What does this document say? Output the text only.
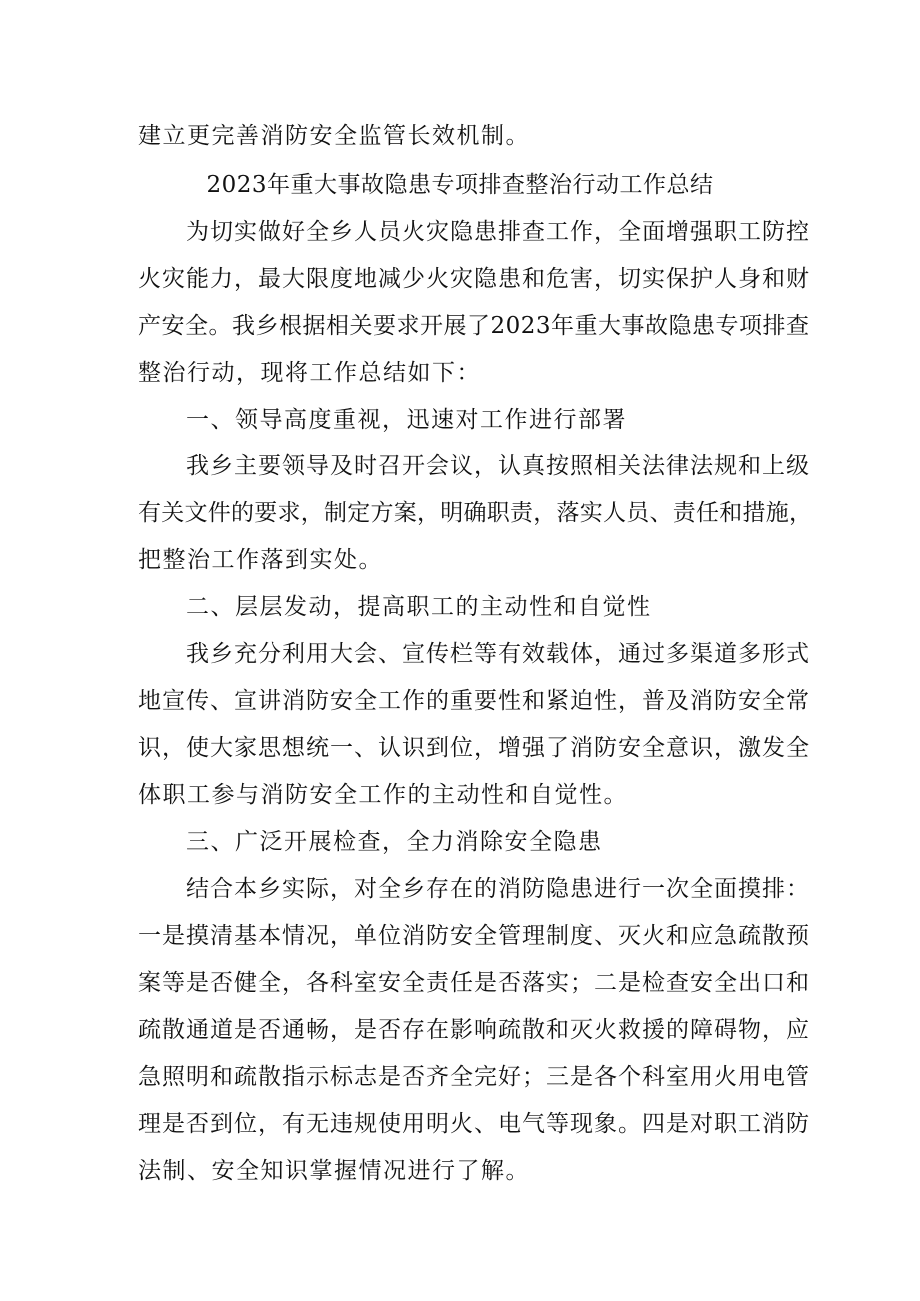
建立更完善消防安全监管长效机制。
2023年重大事故隐患专项排查整治行动工作总结
为切实做好全乡人员火灾隐患排查工作，全面增强职工防控
火灾能力，最大限度地减少火灾隐患和危害，切实保护人身和财
产安全。我乡根据相关要求开展了2023年重大事故隐患专项排查
整治行动，现将工作总结如下：
一、领导高度重视，迅速对工作进行部署
我乡主要领导及时召开会议，认真按照相关法律法规和上级
有关文件的要求，制定方案，明确职责，落实人员、责任和措施，
把整治工作落到实处。
二、层层发动，提高职工的主动性和自觉性
我乡充分利用大会、宣传栏等有效载体，通过多渠道多形式
地宣传、宣讲消防安全工作的重要性和紧迫性，普及消防安全常
识，使大家思想统一、认识到位，增强了消防安全意识，激发全
体职工参与消防安全工作的主动性和自觉性。
三、广泛开展检查，全力消除安全隐患
结合本乡实际，对全乡存在的消防隐患进行一次全面摸排：
一是摸清基本情况，单位消防安全管理制度、灭火和应急疏散预
案等是否健全，各科室安全责任是否落实；二是检查安全出口和
疏散通道是否通畅，是否存在影响疏散和灭火救援的障碍物，应
急照明和疏散指示标志是否齐全完好；三是各个科室用火用电管
理是否到位，有无违规使用明火、电气等现象。四是对职工消防
法制、安全知识掌握情况进行了解。
